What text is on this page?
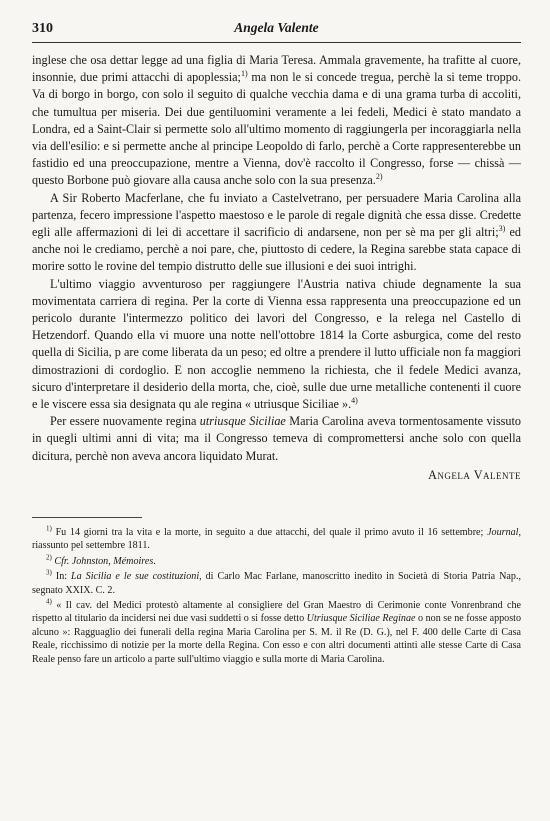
310	Angela Valente

inglese che osa dettar legge ad una figlia di Maria Teresa. Ammala gravemente, ha trafitte al cuore, insonnie, due primi attacchi di apoplessia;$^{1)}$ ma non le si concede tregua, perchè la si teme troppo. Va di borgo in borgo, con solo il seguito di qualche vecchia dama e di una grama turba di accoliti, che tumultua per miseria. Dei due gentiluomini veramente a lei fedeli, Medici è stato mandato a Londra, ed a Saint-Clair si permette solo all'ultimo momento di raggiungerla per incoraggiarla nella via dell'esilio: e si permette anche al principe Leopoldo di farlo, perchè a Corte rappresenterebbe un fastidio ed una preoccupazione, mentre a Vienna, dov'è raccolto il Congresso, forse — chissà — questo Borbone può giovare alla causa anche solo con la sua presenza.$^{2)}$

A Sir Roberto Macferlane, che fu inviato a Castelvetrano, per persuadere Maria Carolina alla partenza, fecero impressione l'aspetto maestoso e le parole di regale dignità che essa disse. Credette egli alle affermazioni di lei di accettare il sacrificio di andarsene, non per sè ma per gli altri;$^{3)}$ ed anche noi le crediamo, perchè a noi pare, che, piuttosto di cedere, la Regina sarebbe stata capace di morire sotto le rovine del tempio distrutto delle sue illusioni e dei suoi intrighi.

L'ultimo viaggio avventuroso per raggiungere l'Austria nativa chiude degnamente la sua movimentata carriera di regina. Per la corte di Vienna essa rappresenta una preoccupazione ed un pericolo durante l'intermezzo politico dei lavori del Congresso, e la relega nel Castello di Hetzendorf. Quando ella vi muore una notte nell'ottobre 1814 la Corte asburgica, come del resto quella di Sicilia, p are come liberata da un peso; ed oltre a prendere il lutto ufficiale non fa maggiori dimostrazioni di cordoglio. E non accoglie nemmeno la richiesta, che il fedele Medici avanza, sicuro d'interpretare il desiderio della morta, che, cioè, sulle due urne metalliche contenenti il cuore e le viscere essa sia designata qu ale regina « utriusque Siciliae ».$^{4)}$

Per essere nuovamente regina utriusque Siciliae Maria Carolina aveva tormentosamente vissuto in quegli ultimi anni di vita; ma il Congresso temeva di compromettersi anche solo con quella dicitura, perchè non aveva ancora liquidato Murat.

Angela Valente

$^{1)}$ Fu 14 giorni tra la vita e la morte, in seguito a due attacchi, del quale il primo avuto il 16 settembre; Journal, riassunto pel settembre 1811.

$^{2)}$ Cfr. Johnston, Mémoires.

$^{3)}$ In: La Sicilia e le sue costituzioni, di Carlo Mac Farlane, manoscritto inedito in Società di Storia Patria Nap., segnato XXIX. C. 2.

$^{4)}$ « Il cav. del Medici protestò altamente al consigliere del Gran Maestro di Cerimonie conte Vonrenbrand che rispetto al titulario da incidersi nei due vasi suddetti o si fosse detto Utriusque Siciliae Reginae o non se ne fosse apposto alcuno »: Ragguaglio dei funerali della regina Maria Carolina per S. M. il Re (D. G.), nel F. 400 delle Carte di Casa Reale, ricchissimo di notizie per la morte della Regina. Con esso e con altri documenti attinti alle stesse Carte di Casa Reale penso fare un articolo a parte sull'ultimo viaggio e sulla morte di Maria Carolina.
